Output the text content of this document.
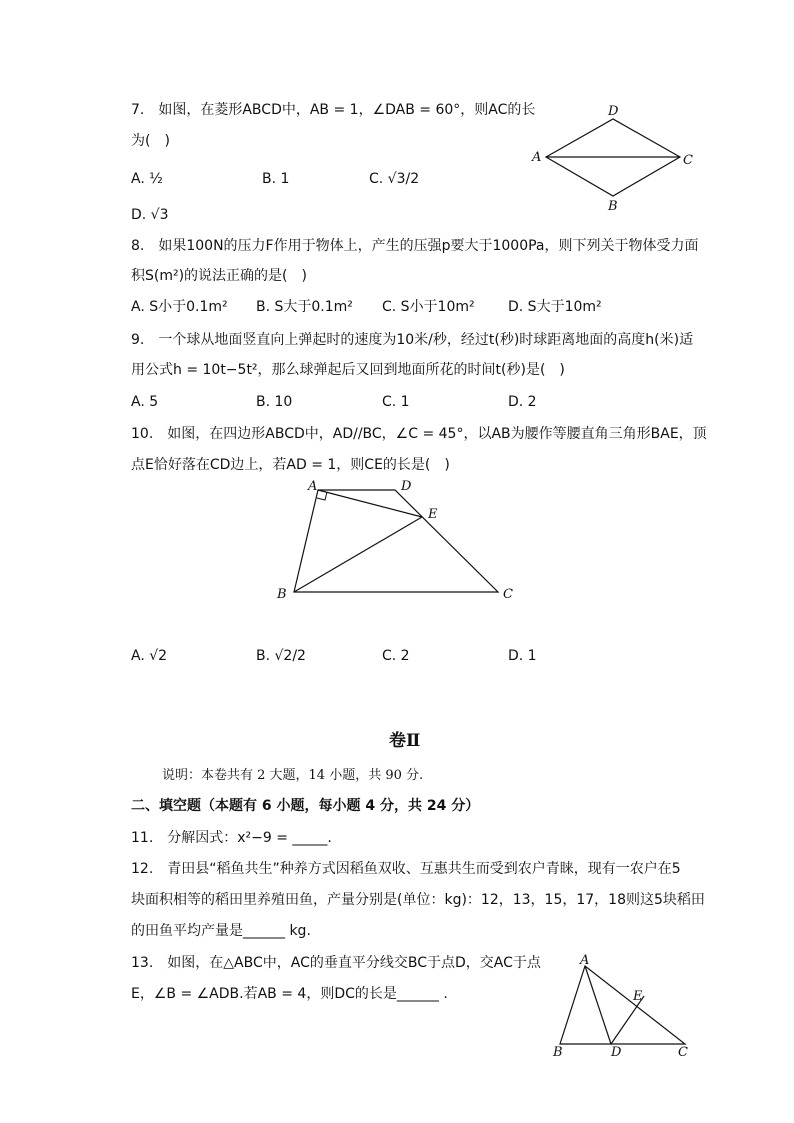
7.　如图，在菱形ABCD中，AB = 1，∠DAB = 60°，则AC的长
为(　)
A. ½	B. 1	C. √3/2
D. √3
D
A	C
B
8.　如果100N的压力F作用于物体上，产生的压强p要大于1000Pa，则下列关于物体受力面
积S(m²)的说法正确的是(　)
A. S小于0.1m² B. S大于0.1m² C. S小于10m² D. S大于10m²
9.　一个球从地面竖直向上弹起时的速度为10米/秒，经过t(秒)时球距离地面的高度h(米)适
用公式h = 10t−5t²，那么球弹起后又回到地面所花的时间t(秒)是(　)
A. 5	B. 10	C. 1	D. 2
10.　如图，在四边形ABCD中，AD//BC，∠C = 45°，以AB为腰作等腰直角三角形BAE，顶
点E恰好落在CD边上，若AD = 1，则CE的长是(　)
A	D
E
B	C
A. √2	B. √2/2	C. 2	D. 1
卷Ⅱ
说明：本卷共有 2 大题，14 小题，共 90 分.
二、填空题（本题有 6 小题，每小题 4 分，共 24 分）
11.　分解因式：x²−9 = _____.
12.　青田县“稻鱼共生”种养方式因稻鱼双收、互惠共生而受到农户青睐，现有一农户在5
块面积相等的稻田里养殖田鱼，产量分别是(单位：kg)：12，13，15，17，18则这5块稻田
的田鱼平均产量是______ kg.
13.　如图，在△ABC中，AC的垂直平分线交BC于点D，交AC于点
E，∠B = ∠ADB.若AB = 4，则DC的长是______ .
A
E
B	D	C
